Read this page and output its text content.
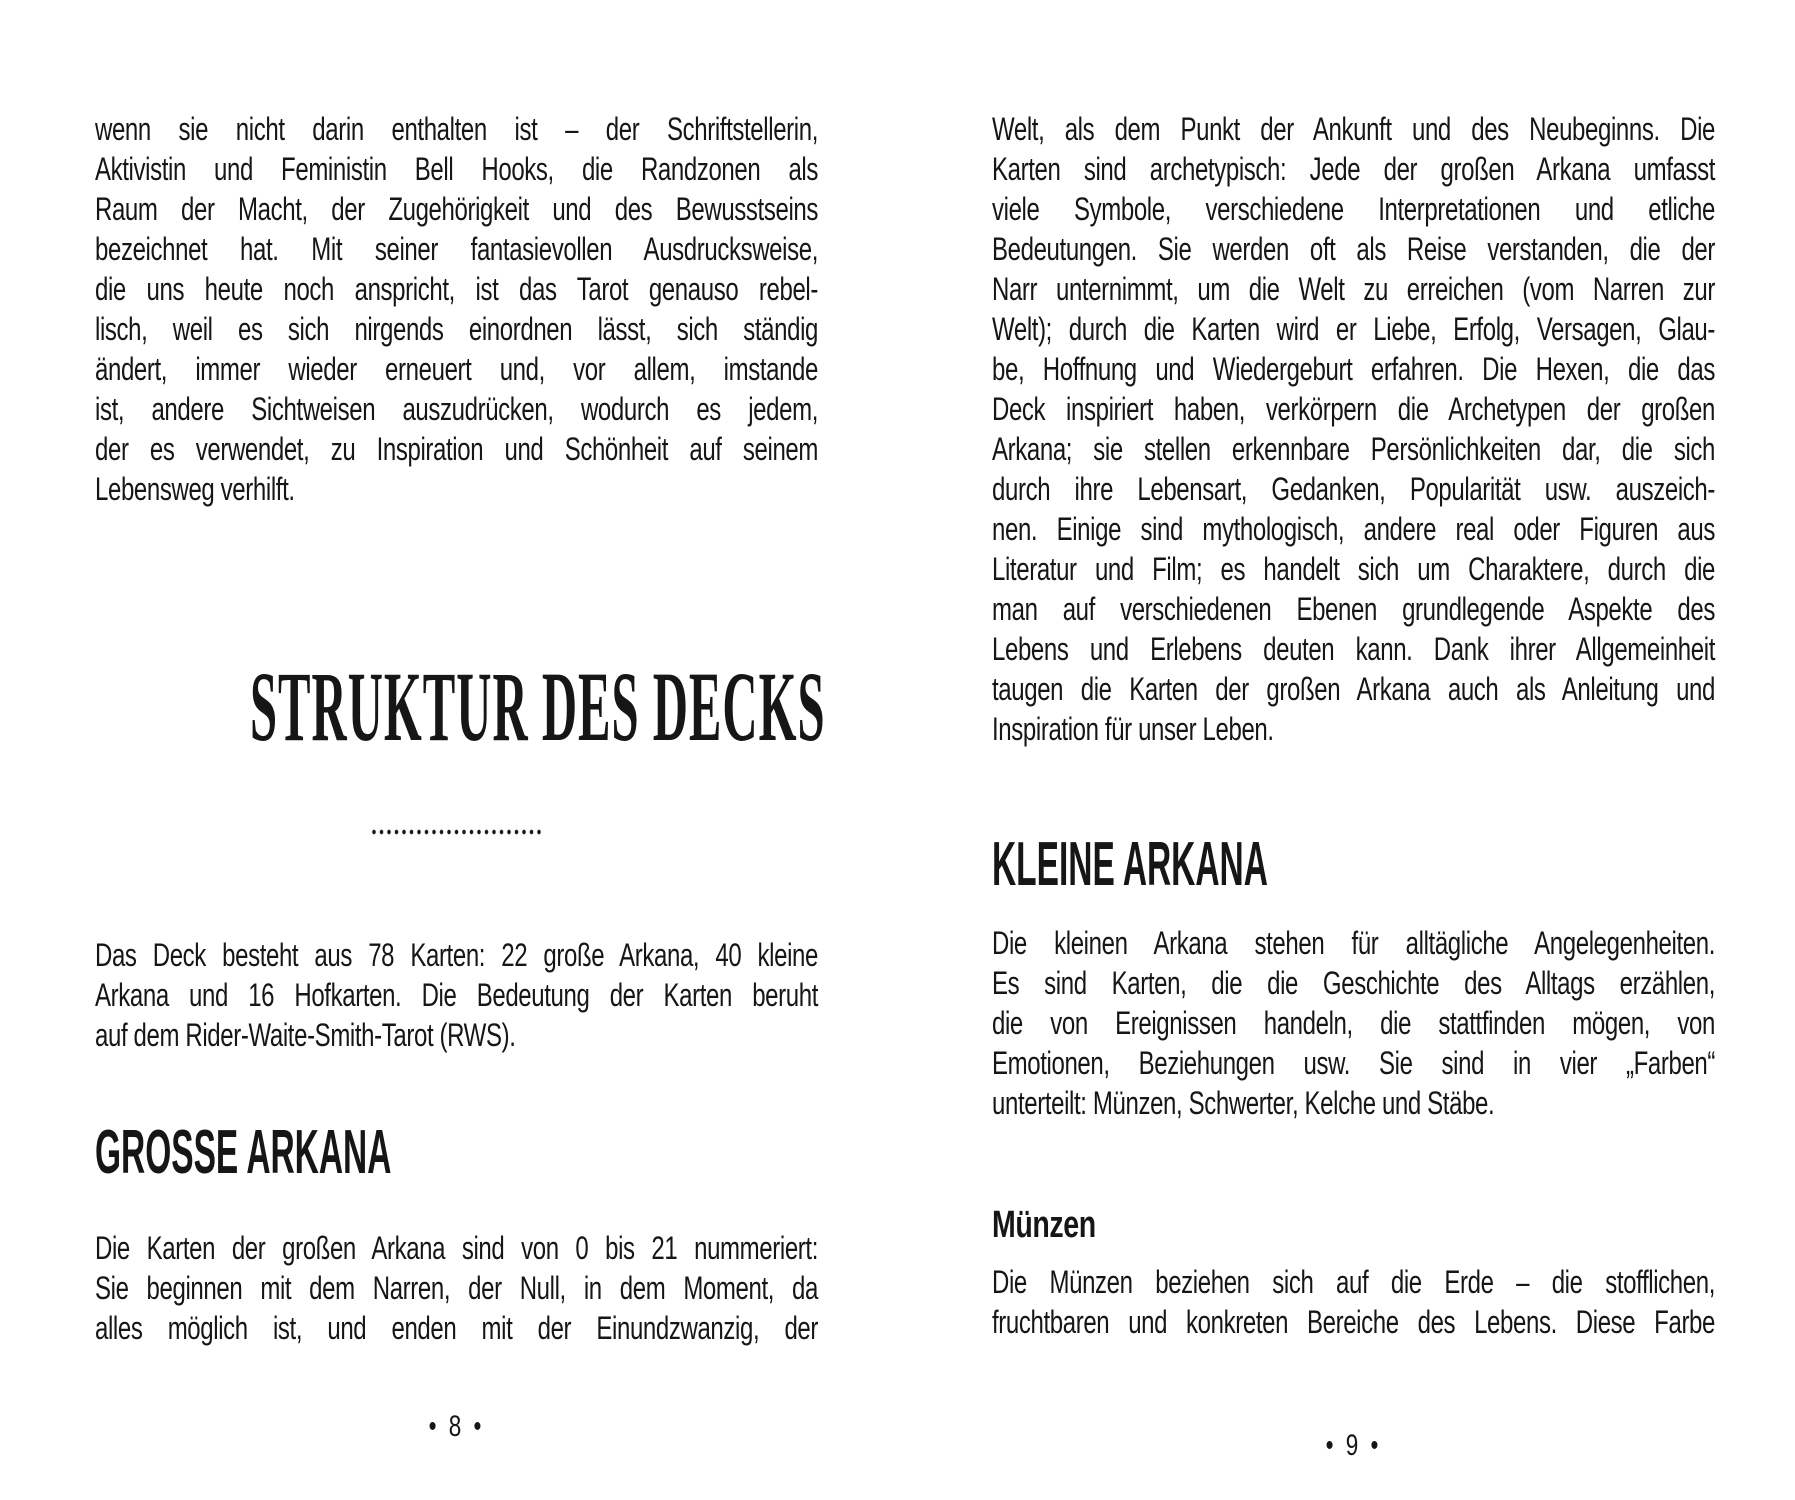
wenn sie nicht darin enthalten ist – der Schriftstellerin,
Aktivistin und Feministin Bell Hooks, die Randzonen als
Raum der Macht, der Zugehörigkeit und des Bewusstseins
bezeichnet hat. Mit seiner fantasievollen Ausdrucksweise,
die uns heute noch anspricht, ist das Tarot genauso rebel-
lisch, weil es sich nirgends einordnen lässt, sich ständig
ändert, immer wieder erneuert und, vor allem, imstande
ist, andere Sichtweisen auszudrücken, wodurch es jedem,
der es verwendet, zu Inspiration und Schönheit auf seinem
Lebensweg verhilft.
STRUKTUR DES DECKS
Das Deck besteht aus 78 Karten: 22 große Arkana, 40 kleine
Arkana und 16 Hofkarten. Die Bedeutung der Karten beruht
auf dem Rider-Waite-Smith-Tarot (RWS).
GROSSE ARKANA
Die Karten der großen Arkana sind von 0 bis 21 nummeriert:
Sie beginnen mit dem Narren, der Null, in dem Moment, da
alles möglich ist, und enden mit der Einundzwanzig, der
• 8 •
Welt, als dem Punkt der Ankunft und des Neubeginns. Die
Karten sind archetypisch: Jede der großen Arkana umfasst
viele Symbole, verschiedene Interpretationen und etliche
Bedeutungen. Sie werden oft als Reise verstanden, die der
Narr unternimmt, um die Welt zu erreichen (vom Narren zur
Welt); durch die Karten wird er Liebe, Erfolg, Versagen, Glau-
be, Hoffnung und Wiedergeburt erfahren. Die Hexen, die das
Deck inspiriert haben, verkörpern die Archetypen der großen
Arkana; sie stellen erkennbare Persönlichkeiten dar, die sich
durch ihre Lebensart, Gedanken, Popularität usw. auszeich-
nen. Einige sind mythologisch, andere real oder Figuren aus
Literatur und Film; es handelt sich um Charaktere, durch die
man auf verschiedenen Ebenen grundlegende Aspekte des
Lebens und Erlebens deuten kann. Dank ihrer Allgemeinheit
taugen die Karten der großen Arkana auch als Anleitung und
Inspiration für unser Leben.
KLEINE ARKANA
Die kleinen Arkana stehen für alltägliche Angelegenheiten.
Es sind Karten, die die Geschichte des Alltags erzählen,
die von Ereignissen handeln, die stattfinden mögen, von
Emotionen, Beziehungen usw. Sie sind in vier „Farben“
unterteilt: Münzen, Schwerter, Kelche und Stäbe.
Münzen
Die Münzen beziehen sich auf die Erde – die stofflichen,
fruchtbaren und konkreten Bereiche des Lebens. Diese Farbe
• 9 •
